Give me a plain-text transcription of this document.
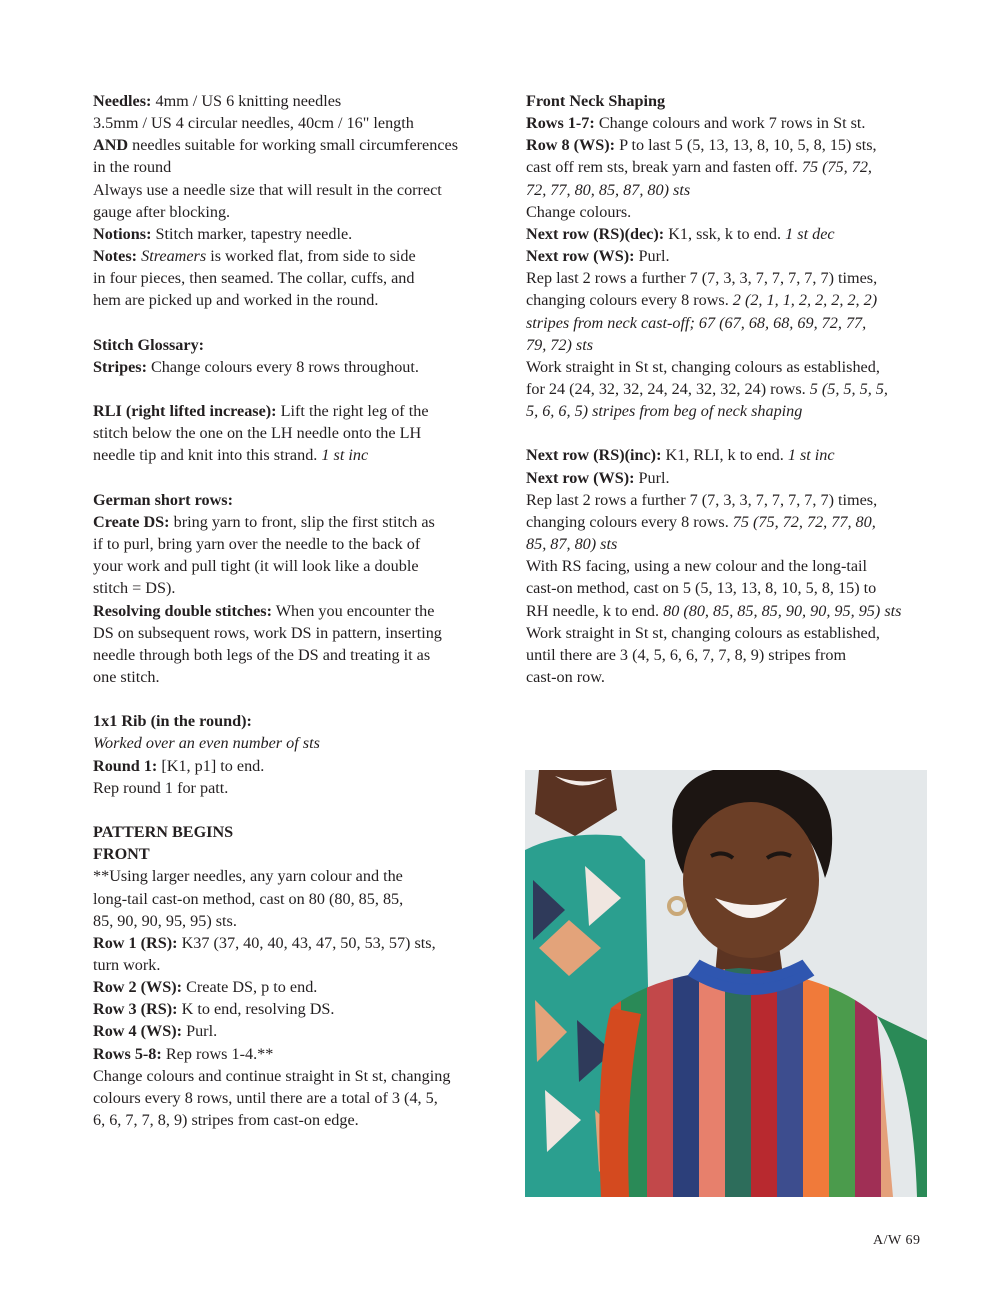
Needles: 4mm / US 6 knitting needles

3.5mm / US 4 circular needles, 40cm / 16" length

AND needles suitable for working small circumferences

in the round

Always use a needle size that will result in the correct

gauge after blocking.

Notions: Stitch marker, tapestry needle.

Notes: Streamers is worked flat, from side to side

in four pieces, then seamed. The collar, cuffs, and

hem are picked up and worked in the round.

Stitch Glossary:

Stripes: Change colours every 8 rows throughout.

RLI (right lifted increase): Lift the right leg of the

stitch below the one on the LH needle onto the LH

needle tip and knit into this strand. 1 st inc

German short rows:

Create DS: bring yarn to front, slip the first stitch as

if to purl, bring yarn over the needle to the back of

your work and pull tight (it will look like a double

stitch = DS).

Resolving double stitches: When you encounter the

DS on subsequent rows, work DS in pattern, inserting

needle through both legs of the DS and treating it as

one stitch.

1x1 Rib (in the round):

Worked over an even number of sts

Round 1: [K1, p1] to end.

Rep round 1 for patt.

PATTERN BEGINS

FRONT

**Using larger needles, any yarn colour and the

long-tail cast-on method, cast on 80 (80, 85, 85,

85, 90, 90, 95, 95) sts.

Row 1 (RS): K37 (37, 40, 40, 43, 47, 50, 53, 57) sts,

turn work.

Row 2 (WS): Create DS, p to end.

Row 3 (RS): K to end, resolving DS.

Row 4 (WS): Purl.

Rows 5-8: Rep rows 1-4.**

Change colours and continue straight in St st, changing

colours every 8 rows, until there are a total of 3 (4, 5,

6, 6, 7, 7, 8, 9) stripes from cast-on edge.

Front Neck Shaping

Rows 1-7: Change colours and work 7 rows in St st.

Row 8 (WS): P to last 5 (5, 13, 13, 8, 10, 5, 8, 15) sts,

cast off rem sts, break yarn and fasten off. 75 (75, 72,

72, 77, 80, 85, 87, 80) sts

Change colours.

Next row (RS)(dec): K1, ssk, k to end. 1 st dec

Next row (WS): Purl.

Rep last 2 rows a further 7 (7, 3, 3, 7, 7, 7, 7, 7) times,

changing colours every 8 rows. 2 (2, 1, 1, 2, 2, 2, 2, 2)

stripes from neck cast-off; 67 (67, 68, 68, 69, 72, 77,

79, 72) sts

Work straight in St st, changing colours as established,

for 24 (24, 32, 32, 24, 24, 32, 32, 24) rows. 5 (5, 5, 5, 5,

5, 6, 6, 5) stripes from beg of neck shaping

Next row (RS)(inc): K1, RLI, k to end. 1 st inc

Next row (WS): Purl.

Rep last 2 rows a further 7 (7, 3, 3, 7, 7, 7, 7, 7) times,

changing colours every 8 rows. 75 (75, 72, 72, 77, 80,

85, 87, 80) sts

With RS facing, using a new colour and the long-tail

cast-on method, cast on 5 (5, 13, 13, 8, 10, 5, 8, 15) to

RH needle, k to end. 80 (80, 85, 85, 85, 90, 90, 95, 95) sts

Work straight in St st, changing colours as established,

until there are 3 (4, 5, 6, 6, 7, 7, 8, 9) stripes from

cast-on row.

A/W 69
